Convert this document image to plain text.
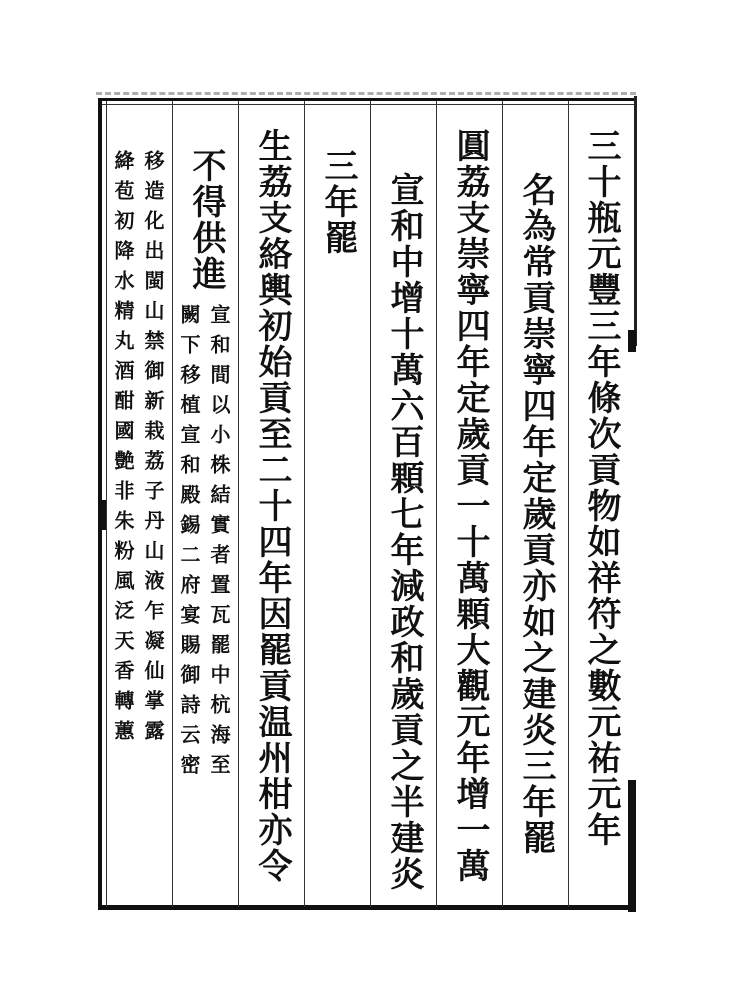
三十瓶元豐三年條次貢物如祥符之數元祐元年
名為常貢崇寧四年定歲貢亦如之建炎三年罷
圓荔支崇寧四年定歲貢一十萬顆大觀元年增一萬
宣和中增十萬六百顆七年減政和歲貢之半建炎
三年罷
生荔支絡輿初始貢至二十四年因罷貢温州柑亦令
不得供進
宣和間以小株結實者置瓦罷中杭海至
闕下移植宣和殿錫二府宴賜御詩云密
移造化出閩山禁御新栽荔子丹山液乍凝仙掌露
絳苞初降水精丸酒酣國艶非朱粉風泛天香轉蕙
